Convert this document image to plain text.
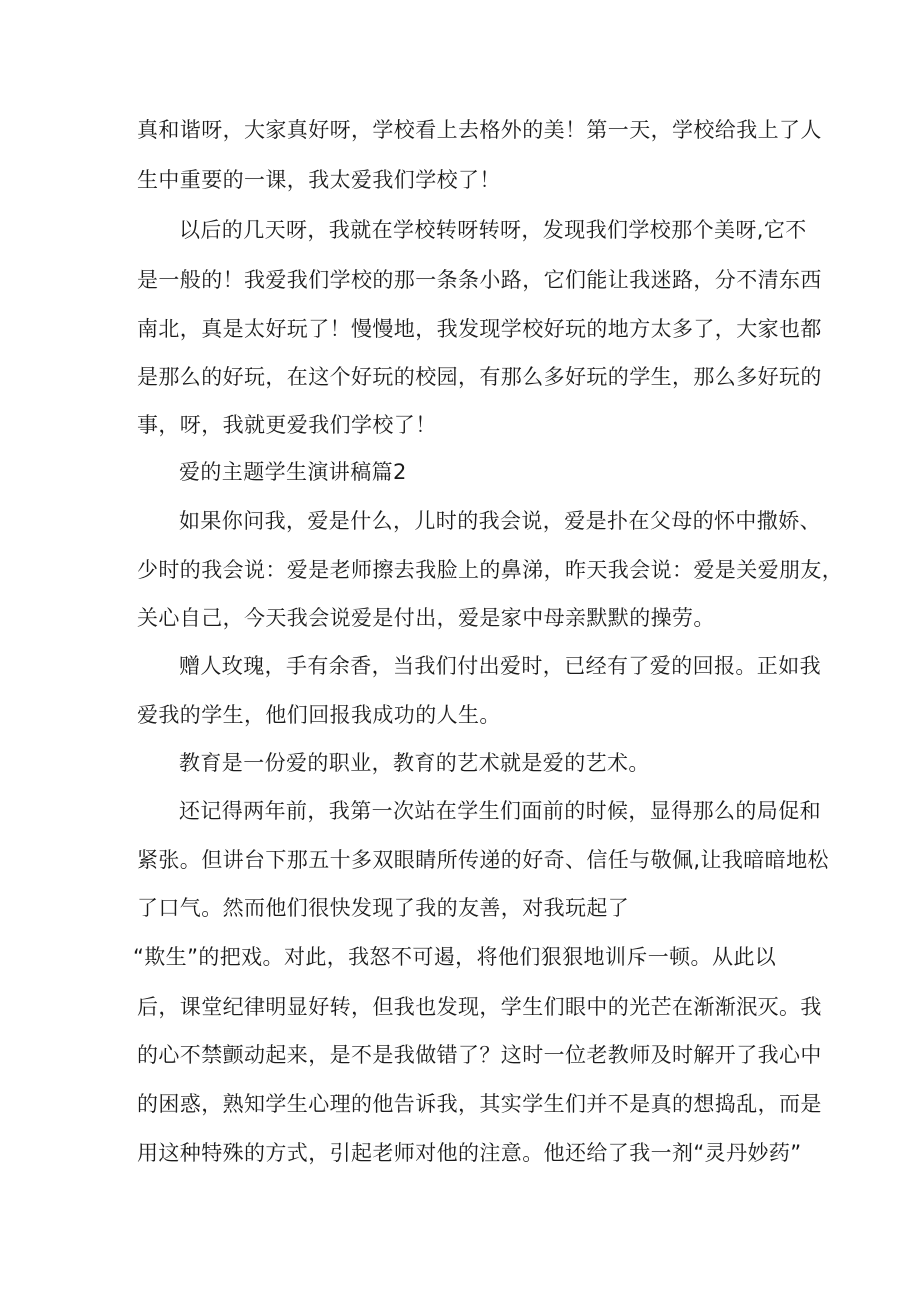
真和谐呀，大家真好呀，学校看上去格外的美！第一天，学校给我上了人

生中重要的一课，我太爱我们学校了！

以后的几天呀，我就在学校转呀转呀，发现我们学校那个美呀,它不

是一般的！我爱我们学校的那一条条小路，它们能让我迷路，分不清东西

南北，真是太好玩了！慢慢地，我发现学校好玩的地方太多了，大家也都

是那么的好玩，在这个好玩的校园，有那么多好玩的学生，那么多好玩的

事，呀，我就更爱我们学校了！

爱的主题学生演讲稿篇2

如果你问我，爱是什么，儿时的我会说，爱是扑在父母的怀中撒娇、

少时的我会说：爱是老师擦去我脸上的鼻涕，昨天我会说：爱是关爱朋友，

关心自己，今天我会说爱是付出，爱是家中母亲默默的操劳。

赠人玫瑰，手有余香，当我们付出爱时，已经有了爱的回报。正如我

爱我的学生，他们回报我成功的人生。

教育是一份爱的职业，教育的艺术就是爱的艺术。

还记得两年前，我第一次站在学生们面前的时候，显得那么的局促和

紧张。但讲台下那五十多双眼睛所传递的好奇、信任与敬佩,让我暗暗地松

了口气。然而他们很快发现了我的友善，对我玩起了

“欺生”的把戏。对此，我怒不可遏，将他们狠狠地训斥一顿。从此以

后，课堂纪律明显好转，但我也发现，学生们眼中的光芒在渐渐泯灭。我

的心不禁颤动起来，是不是我做错了？这时一位老教师及时解开了我心中

的困惑，熟知学生心理的他告诉我，其实学生们并不是真的想捣乱，而是

用这种特殊的方式，引起老师对他的注意。他还给了我一剂“灵丹妙药”
